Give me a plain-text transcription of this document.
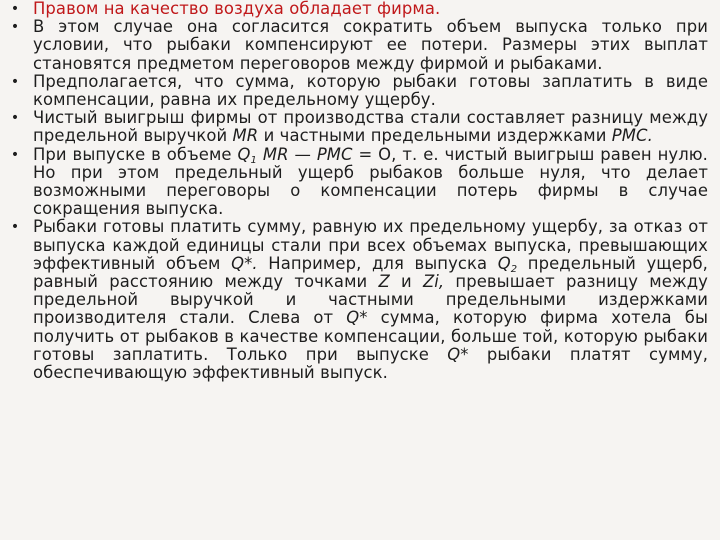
• Правом на качество воздуха обладает фирма.
• В этом случае она согласится сократить объем выпуска только при условии, что рыбаки компенсируют ее потери. Размеры этих выплат становятся предметом переговоров между фирмой и рыбаками.
• Предполагается, что сумма, которую рыбаки готовы заплатить в виде компенсации, равна их предельному ущербу.
• Чистый выигрыш фирмы от производства стали составляет разницу между предельной выручкой MR и частными предельными издержками РМС.
• При выпуске в объеме $Q_1$ MR — РМС = О, т. е. чистый выигрыш равен нулю. Но при этом предельный ущерб рыбаков больше нуля, что делает возможными переговоры о компенсации потерь фирмы в случае сокращения выпуска.
• Рыбаки готовы платить сумму, равную их предельному ущербу, за отказ от выпуска каждой единицы стали при всех объемах выпуска, превышающих эффективный объем Q*. Например, для выпуска $Q_2$ предельный ущерб, равный расстоянию между точками Z и Zi, превышает разницу между предельной выручкой и частными предельными издержками производителя стали. Слева от Q* сумма, которую фирма хотела бы получить от рыбаков в качестве компенсации, больше той, которую рыбаки готовы заплатить. Только при выпуске Q* рыбаки платят сумму, обеспечивающую эффективный выпуск.
